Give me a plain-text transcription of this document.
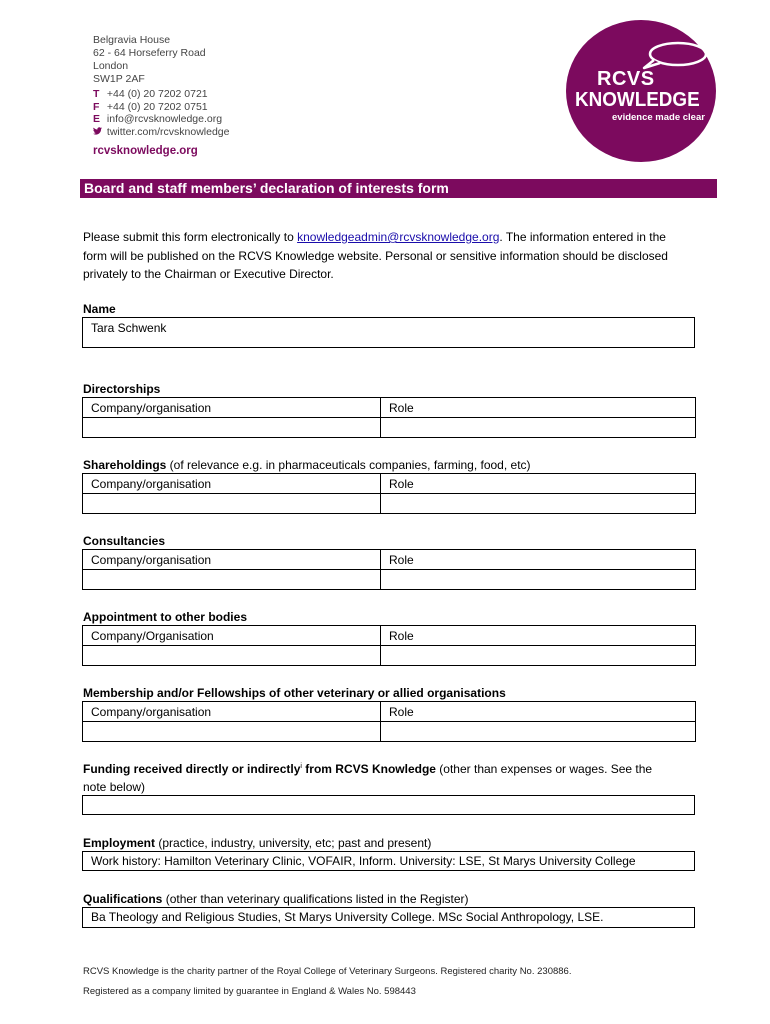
Belgravia House
62 - 64 Horseferry Road
London
SW1P 2AF
T +44 (0) 20 7202 0721
F +44 (0) 20 7202 0751
E info@rcvsknowledge.org
twitter.com/rcvsknowledge
rcvsknowledge.org
RCVS
KNOWLEDGE
evidence made clear
Board and staff members’ declaration of interests form
Please submit this form electronically to knowledgeadmin@rcvsknowledge.org. The information entered in the
form will be published on the RCVS Knowledge website. Personal or sensitive information should be disclosed
privately to the Chairman or Executive Director.
Name
Tara Schwenk
Directorships
Company/organisation	Role

Shareholdings (of relevance e.g. in pharmaceuticals companies, farming, food, etc)
Company/organisation	Role

Consultancies
Company/organisation	Role

Appointment to other bodies
Company/Organisation	Role

Membership and/or Fellowships of other veterinary or allied organisations
Company/organisation	Role

Funding received directly or indirectly$^i$ from RCVS Knowledge (other than expenses or wages. See the
note below)
Employment (practice, industry, university, etc; past and present)
Work history: Hamilton Veterinary Clinic, VOFAIR, Inform. University: LSE, St Marys University College
Qualifications (other than veterinary qualifications listed in the Register)
Ba Theology and Religious Studies, St Marys University College. MSc Social Anthropology, LSE.
RCVS Knowledge is the charity partner of the Royal College of Veterinary Surgeons. Registered charity No. 230886.
Registered as a company limited by guarantee in England & Wales No. 598443
